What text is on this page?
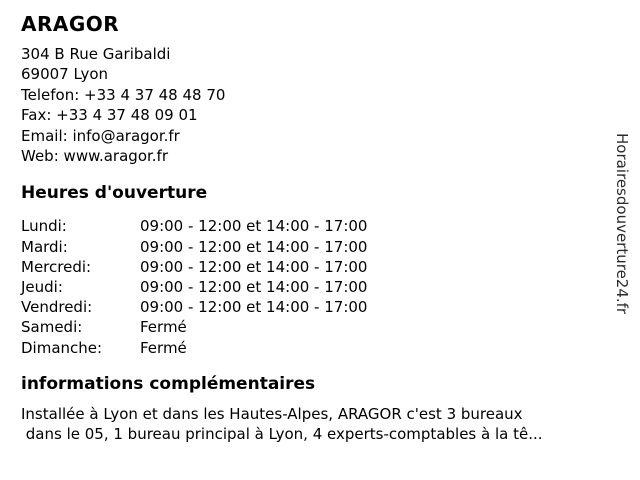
ARAGOR
304 B Rue Garibaldi
69007 Lyon
Telefon: +33 4 37 48 48 70
Fax: +33 4 37 48 09 01
Email: info@aragor.fr
Web: www.aragor.fr
Heures d'ouverture
Lundi:	09:00 - 12:00 et 14:00 - 17:00
Mardi:	09:00 - 12:00 et 14:00 - 17:00
Mercredi:	09:00 - 12:00 et 14:00 - 17:00
Jeudi:	09:00 - 12:00 et 14:00 - 17:00
Vendredi:	09:00 - 12:00 et 14:00 - 17:00
Samedi:	Fermé
Dimanche:	Fermé
informations complémentaires
Installée à Lyon et dans les Hautes-Alpes, ARAGOR c'est 3 bureaux
dans le 05, 1 bureau principal à Lyon, 4 experts-comptables à la tê...
Horairesdouverture24.fr
